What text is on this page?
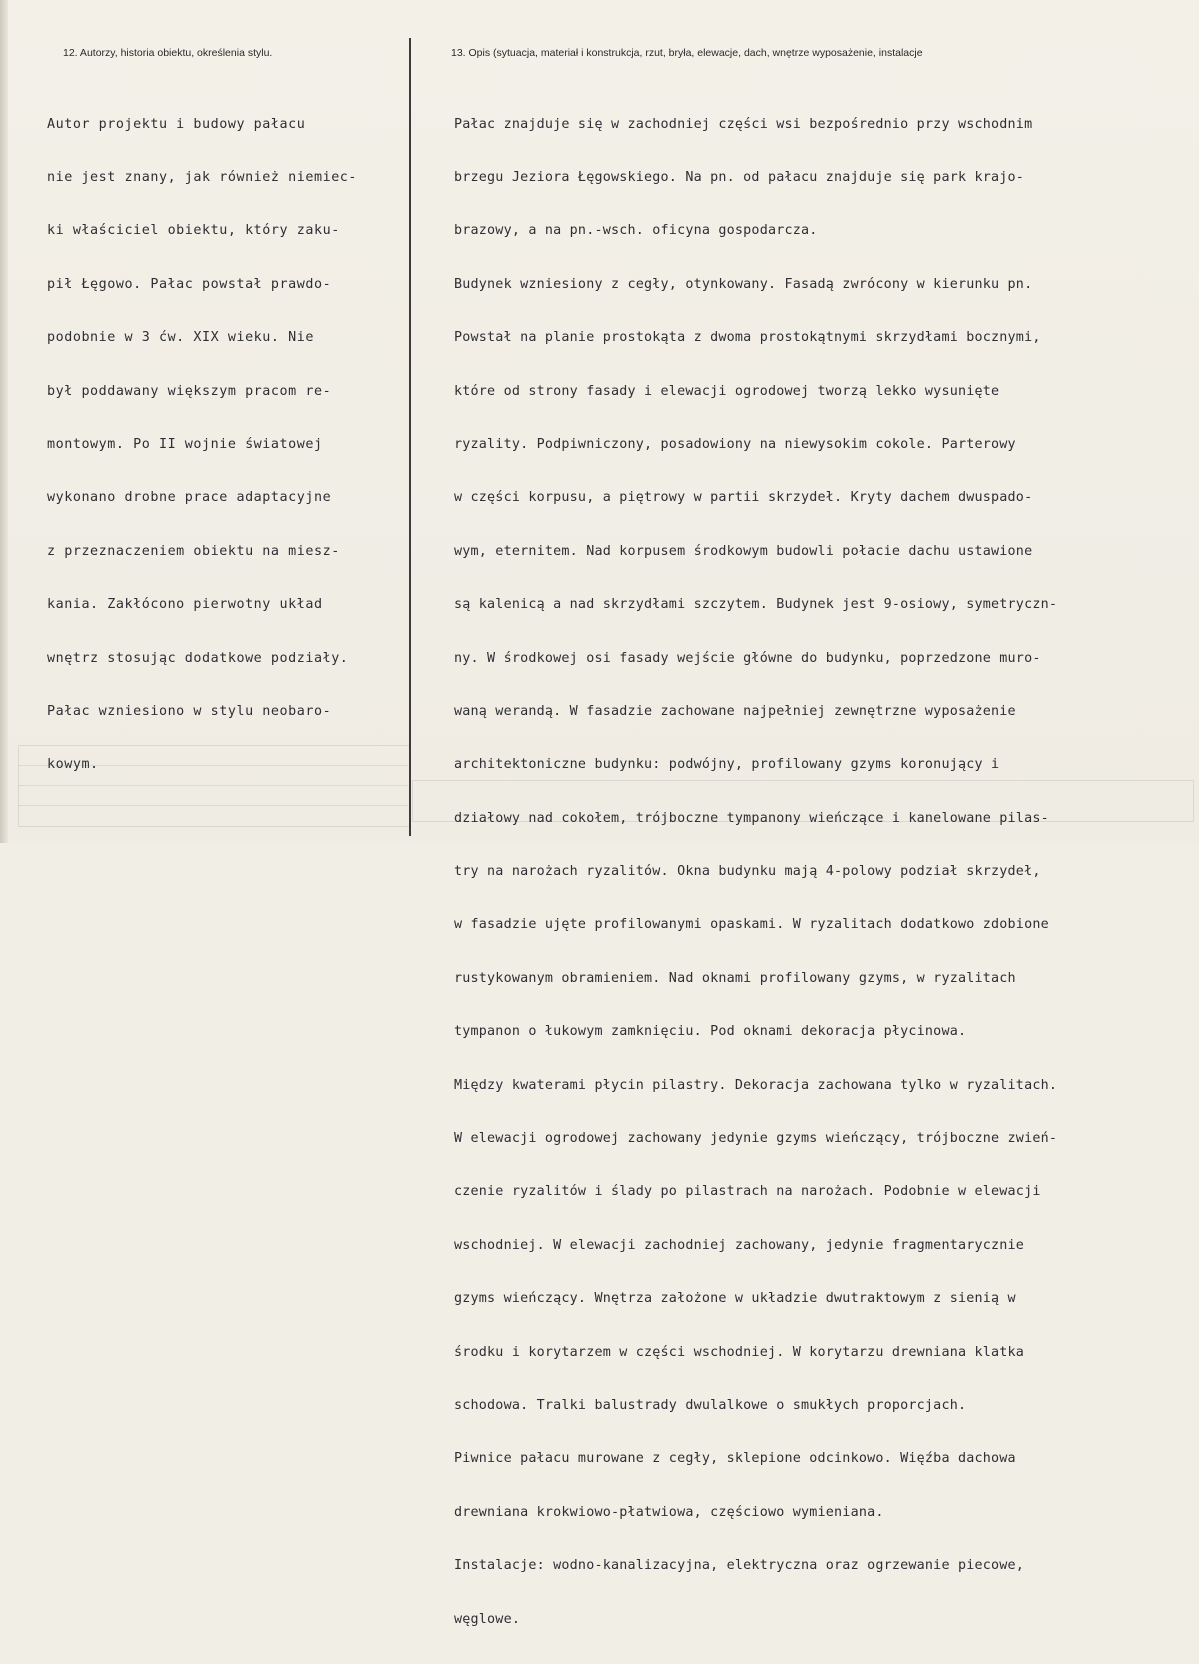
12. Autorzy, historia obiektu, określenia stylu.	13. Opis (sytuacja, materiał i konstrukcja, rzut, bryła, elewacje, dach, wnętrze wyposażenie, instalacje

Autor projektu i budowy pałacu

nie jest znany, jak również niemiec-

ki właściciel obiektu, który zaku-

pił Łęgowo. Pałac powstał prawdo-

podobnie w 3 ćw. XIX wieku. Nie

był poddawany większym pracom re-

montowym. Po II wojnie światowej

wykonano drobne prace adaptacyjne

z przeznaczeniem obiektu na miesz-

kania. Zakłócono pierwotny układ

wnętrz stosując dodatkowe podziały.

Pałac wzniesiono w stylu neobaro-

kowym.

Pałac znajduje się w zachodniej części wsi bezpośrednio przy wschodnim

brzegu Jeziora Łęgowskiego. Na pn. od pałacu znajduje się park krajo-

brazowy, a na pn.-wsch. oficyna gospodarcza.

Budynek wzniesiony z cegły, otynkowany. Fasadą zwrócony w kierunku pn.

Powstał na planie prostokąta z dwoma prostokątnymi skrzydłami bocznymi,

które od strony fasady i elewacji ogrodowej tworzą lekko wysunięte

ryzality. Podpiwniczony, posadowiony na niewysokim cokole. Parterowy

w części korpusu, a piętrowy w partii skrzydeł. Kryty dachem dwuspado-

wym, eternitem. Nad korpusem środkowym budowli połacie dachu ustawione

są kalenicą a nad skrzydłami szczytem. Budynek jest 9-osiowy, symetryczn-

ny. W środkowej osi fasady wejście główne do budynku, poprzedzone muro-

waną werandą. W fasadzie zachowane najpełniej zewnętrzne wyposażenie

architektoniczne budynku: podwójny, profilowany gzyms koronujący i

działowy nad cokołem, trójboczne tympanony wieńczące i kanelowane pilas-

try na narożach ryzalitów. Okna budynku mają 4-polowy podział skrzydeł,

w fasadzie ujęte profilowanymi opaskami. W ryzalitach dodatkowo zdobione

rustykowanym obramieniem. Nad oknami profilowany gzyms, w ryzalitach

tympanon o łukowym zamknięciu. Pod oknami dekoracja płycinowa.

Między kwaterami płycin pilastry. Dekoracja zachowana tylko w ryzalitach.

W elewacji ogrodowej zachowany jedynie gzyms wieńczący, trójboczne zwień-

czenie ryzalitów i ślady po pilastrach na narożach. Podobnie w elewacji

wschodniej. W elewacji zachodniej zachowany, jedynie fragmentarycznie

gzyms wieńczący. Wnętrza założone w układzie dwutraktowym z sienią w

środku i korytarzem w części wschodniej. W korytarzu drewniana klatka

schodowa. Tralki balustrady dwulalkowe o smukłych proporcjach.

Piwnice pałacu murowane z cegły, sklepione odcinkowo. Więźba dachowa

drewniana krokwiowo-płatwiowa, częściowo wymieniana.

Instalacje: wodno-kanalizacyjna, elektryczna oraz ogrzewanie piecowe,

węglowe.
